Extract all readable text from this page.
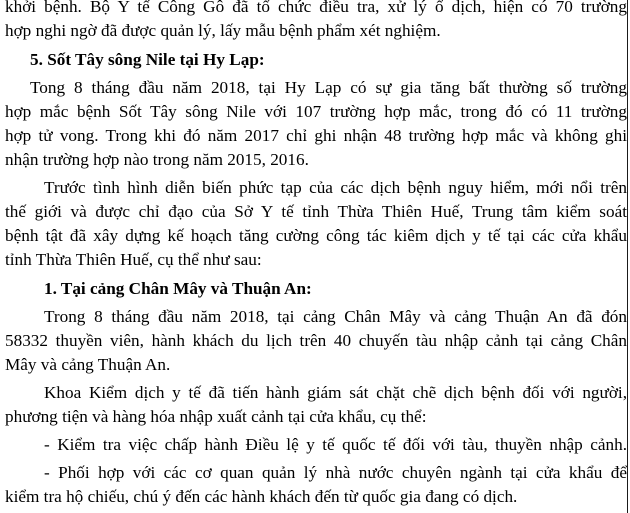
khởi bệnh. Bộ Y tế Công Gô đã tổ chức điều tra, xử lý ổ dịch, hiện có 70 trường
hợp nghi ngờ đã được quản lý, lấy mẫu bệnh phẩm xét nghiệm.
5. Sốt Tây sông Nile tại Hy Lạp:
Tong 8 tháng đầu năm 2018, tại Hy Lạp có sự gia tăng bất thường số trường
hợp mắc bệnh Sốt Tây sông Nile với 107 trường hợp mắc, trong đó có 11 trường
hợp tử vong. Trong khi đó năm 2017 chỉ ghi nhận 48 trường hợp mắc và không ghi
nhận trường hợp nào trong năm 2015, 2016.
Trước tình hình diễn biến phức tạp của các dịch bệnh nguy hiểm, mới nổi trên
thế giới và được chỉ đạo của Sở Y tế tỉnh Thừa Thiên Huế, Trung tâm kiểm soát
bệnh tật đã xây dựng kế hoạch tăng cường công tác kiêm dịch y tế tại các cửa khẩu
tỉnh Thừa Thiên Huế, cụ thể như sau:
1. Tại cảng Chân Mây và Thuận An:
Trong 8 tháng đầu năm 2018, tại cảng Chân Mây và cảng Thuận An đã đón
58332 thuyền viên, hành khách du lịch trên 40 chuyến tàu nhập cảnh tại cảng Chân
Mây và cảng Thuận An.
Khoa Kiểm dịch y tế đã tiến hành giám sát chặt chẽ dịch bệnh đối với người,
phương tiện và hàng hóa nhập xuất cảnh tại cửa khẩu, cụ thể:
- Kiểm tra việc chấp hành Điều lệ y tế quốc tế đối với tàu, thuyền nhập cảnh.
- Phối hợp với các cơ quan quản lý nhà nước chuyên ngành tại cửa khẩu để
kiểm tra hộ chiếu, chú ý đến các hành khách đến từ quốc gia đang có dịch.
